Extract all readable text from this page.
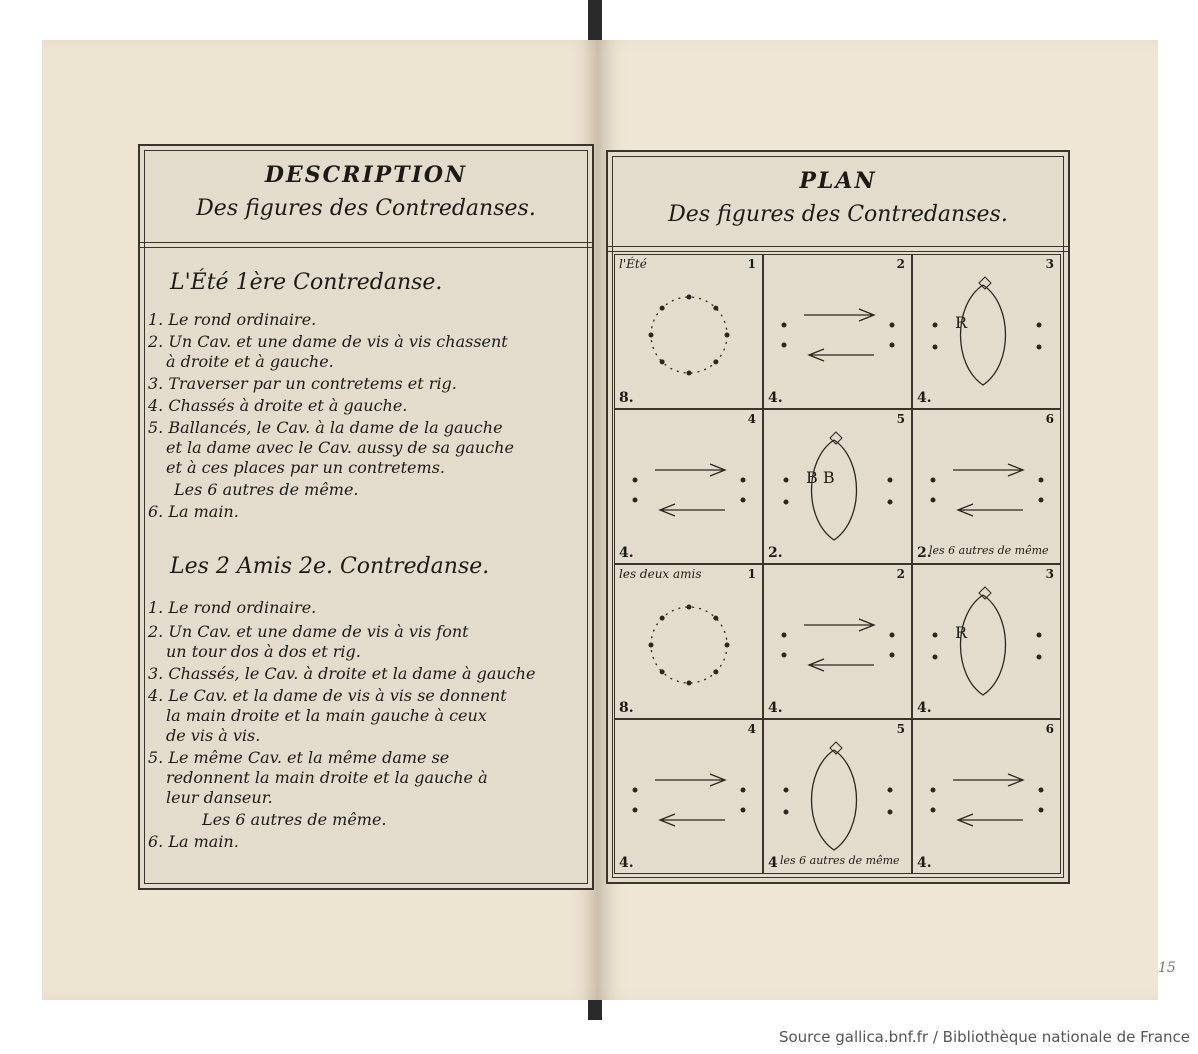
DESCRIPTION
Des figures des Contredanses.
L'Été 1ère Contredanse.
1. Le rond ordinaire.
2. Un Cav. et une dame de vis à vis chassent
à droite et à gauche.
3. Traverser par un contretems et rig.
4. Chassés à droite et à gauche.
5. Ballancés, le Cav. à la dame de la gauche
et la dame avec le Cav. aussy de sa gauche
et à ces places par un contretems.
Les 6 autres de même.
6. La main.
Les 2 Amis 2e. Contredanse.
1. Le rond ordinaire.
2. Un Cav. et une dame de vis à vis font
un tour dos à dos et rig.
3. Chassés, le Cav. à droite et la dame à gauche
4. Le Cav. et la dame de vis à vis se donnent
la main droite et la main gauche à ceux
de vis à vis.
5. Le même Cav. et la même dame se
redonnent la main droite et la gauche à
leur danseur.
Les 6 autres de même.
6. La main.
PLAN
Des figures des Contredanses.
l'Été	1
8.
2
4.
3
4.
R
4
4.
5
2.
B B
6
2.
les 6 autres de même
les deux amis	1
8.
2
4.
3
4.
R
4
4.
5
4 les 6 autres de même
6
4.
15
Source gallica.bnf.fr / Bibliothèque nationale de France
